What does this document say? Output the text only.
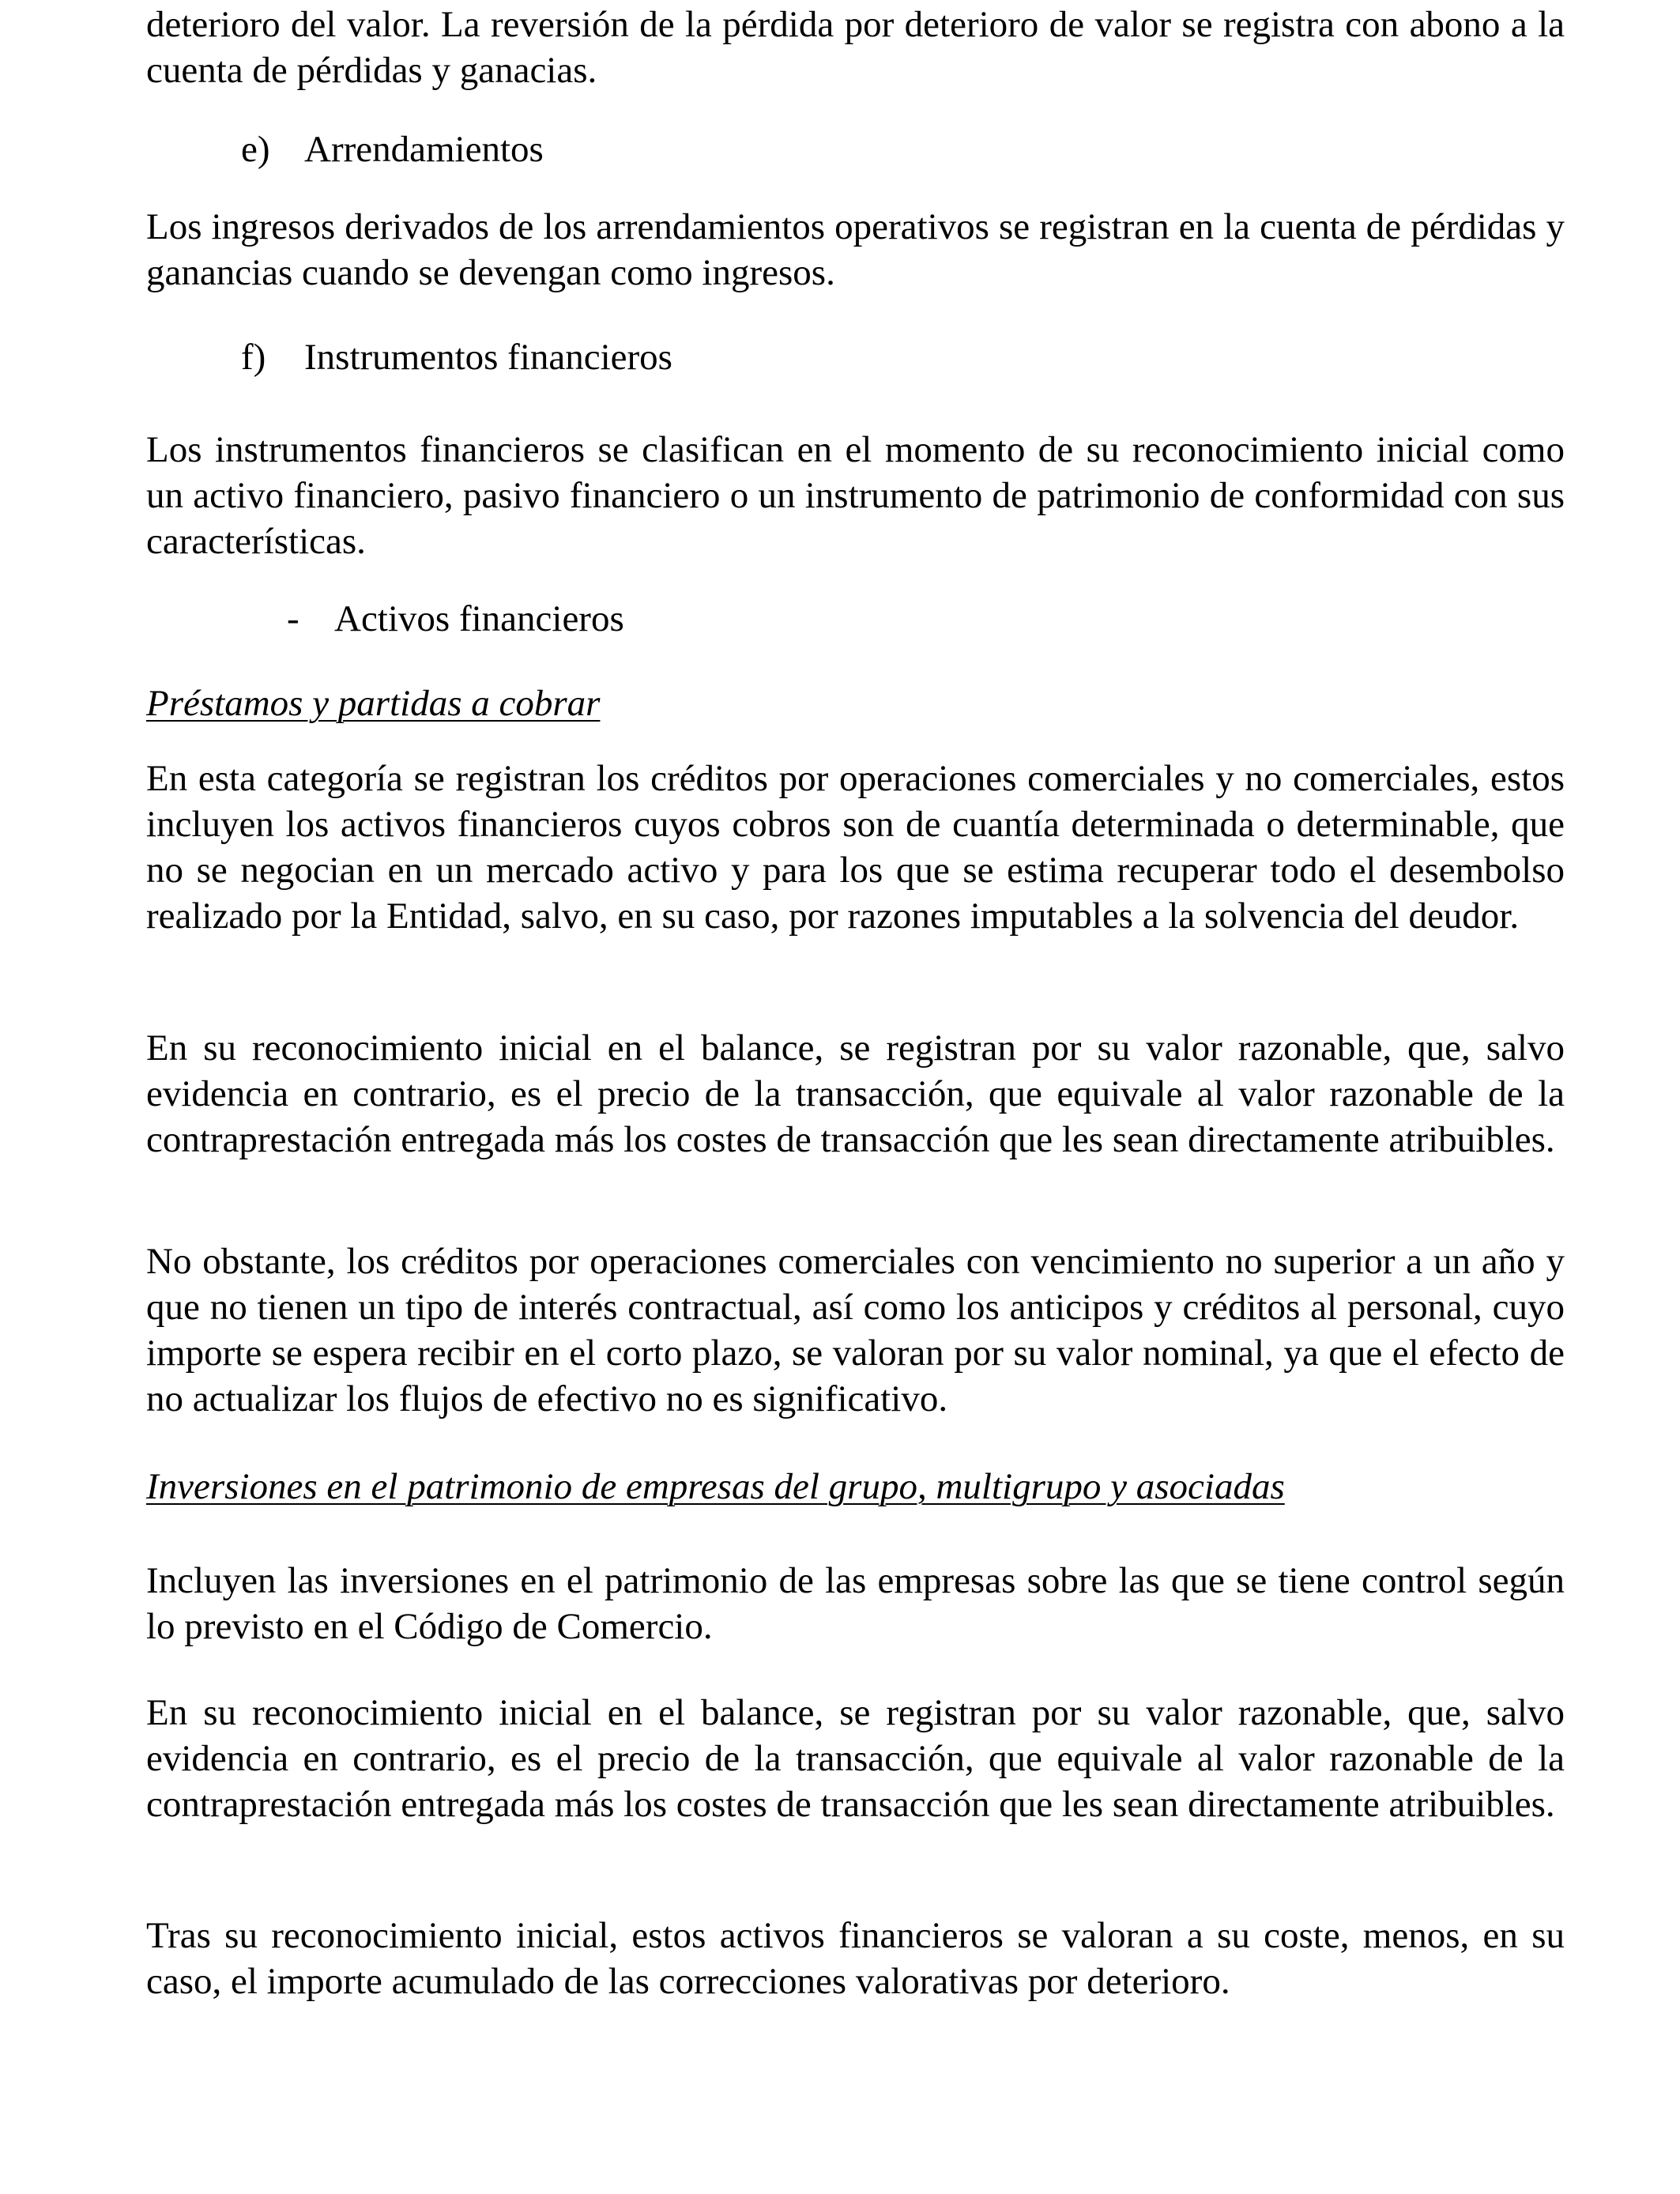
deterioro del valor. La reversión de la pérdida por deterioro de valor se registra con abono a la cuenta de pérdidas y ganacias.

e) Arrendamientos

Los ingresos derivados de los arrendamientos operativos se registran en la cuenta de pérdidas y ganancias cuando se devengan como ingresos.

f) Instrumentos financieros

Los instrumentos financieros se clasifican en el momento de su reconocimiento inicial como un activo financiero, pasivo financiero o un instrumento de patrimonio de conformidad con sus características.

- Activos financieros
Préstamos y partidas a cobrar

En esta categoría se registran los créditos por operaciones comerciales y no comerciales, estos incluyen los activos financieros cuyos cobros son de cuantía determinada o determinable, que no se negocian en un mercado activo y para los que se estima recuperar todo el desembolso realizado por la Entidad, salvo, en su caso, por razones imputables a la solvencia del deudor.

En su reconocimiento inicial en el balance, se registran por su valor razonable, que, salvo evidencia en contrario, es el precio de la transacción, que equivale al valor razonable de la contraprestación entregada más los costes de transacción que les sean directamente atribuibles.

No obstante, los créditos por operaciones comerciales con vencimiento no superior a un año y que no tienen un tipo de interés contractual, así como los anticipos y créditos al personal, cuyo importe se espera recibir en el corto plazo, se valoran por su valor nominal, ya que el efecto de no actualizar los flujos de efectivo no es significativo.

Inversiones en el patrimonio de empresas del grupo, multigrupo y asociadas

Incluyen las inversiones en el patrimonio de las empresas sobre las que se tiene control según lo previsto en el Código de Comercio.

En su reconocimiento inicial en el balance, se registran por su valor razonable, que, salvo evidencia en contrario, es el precio de la transacción, que equivale al valor razonable de la contraprestación entregada más los costes de transacción que les sean directamente atribuibles.

Tras su reconocimiento inicial, estos activos financieros se valoran a su coste, menos, en su caso, el importe acumulado de las correcciones valorativas por deterioro.
